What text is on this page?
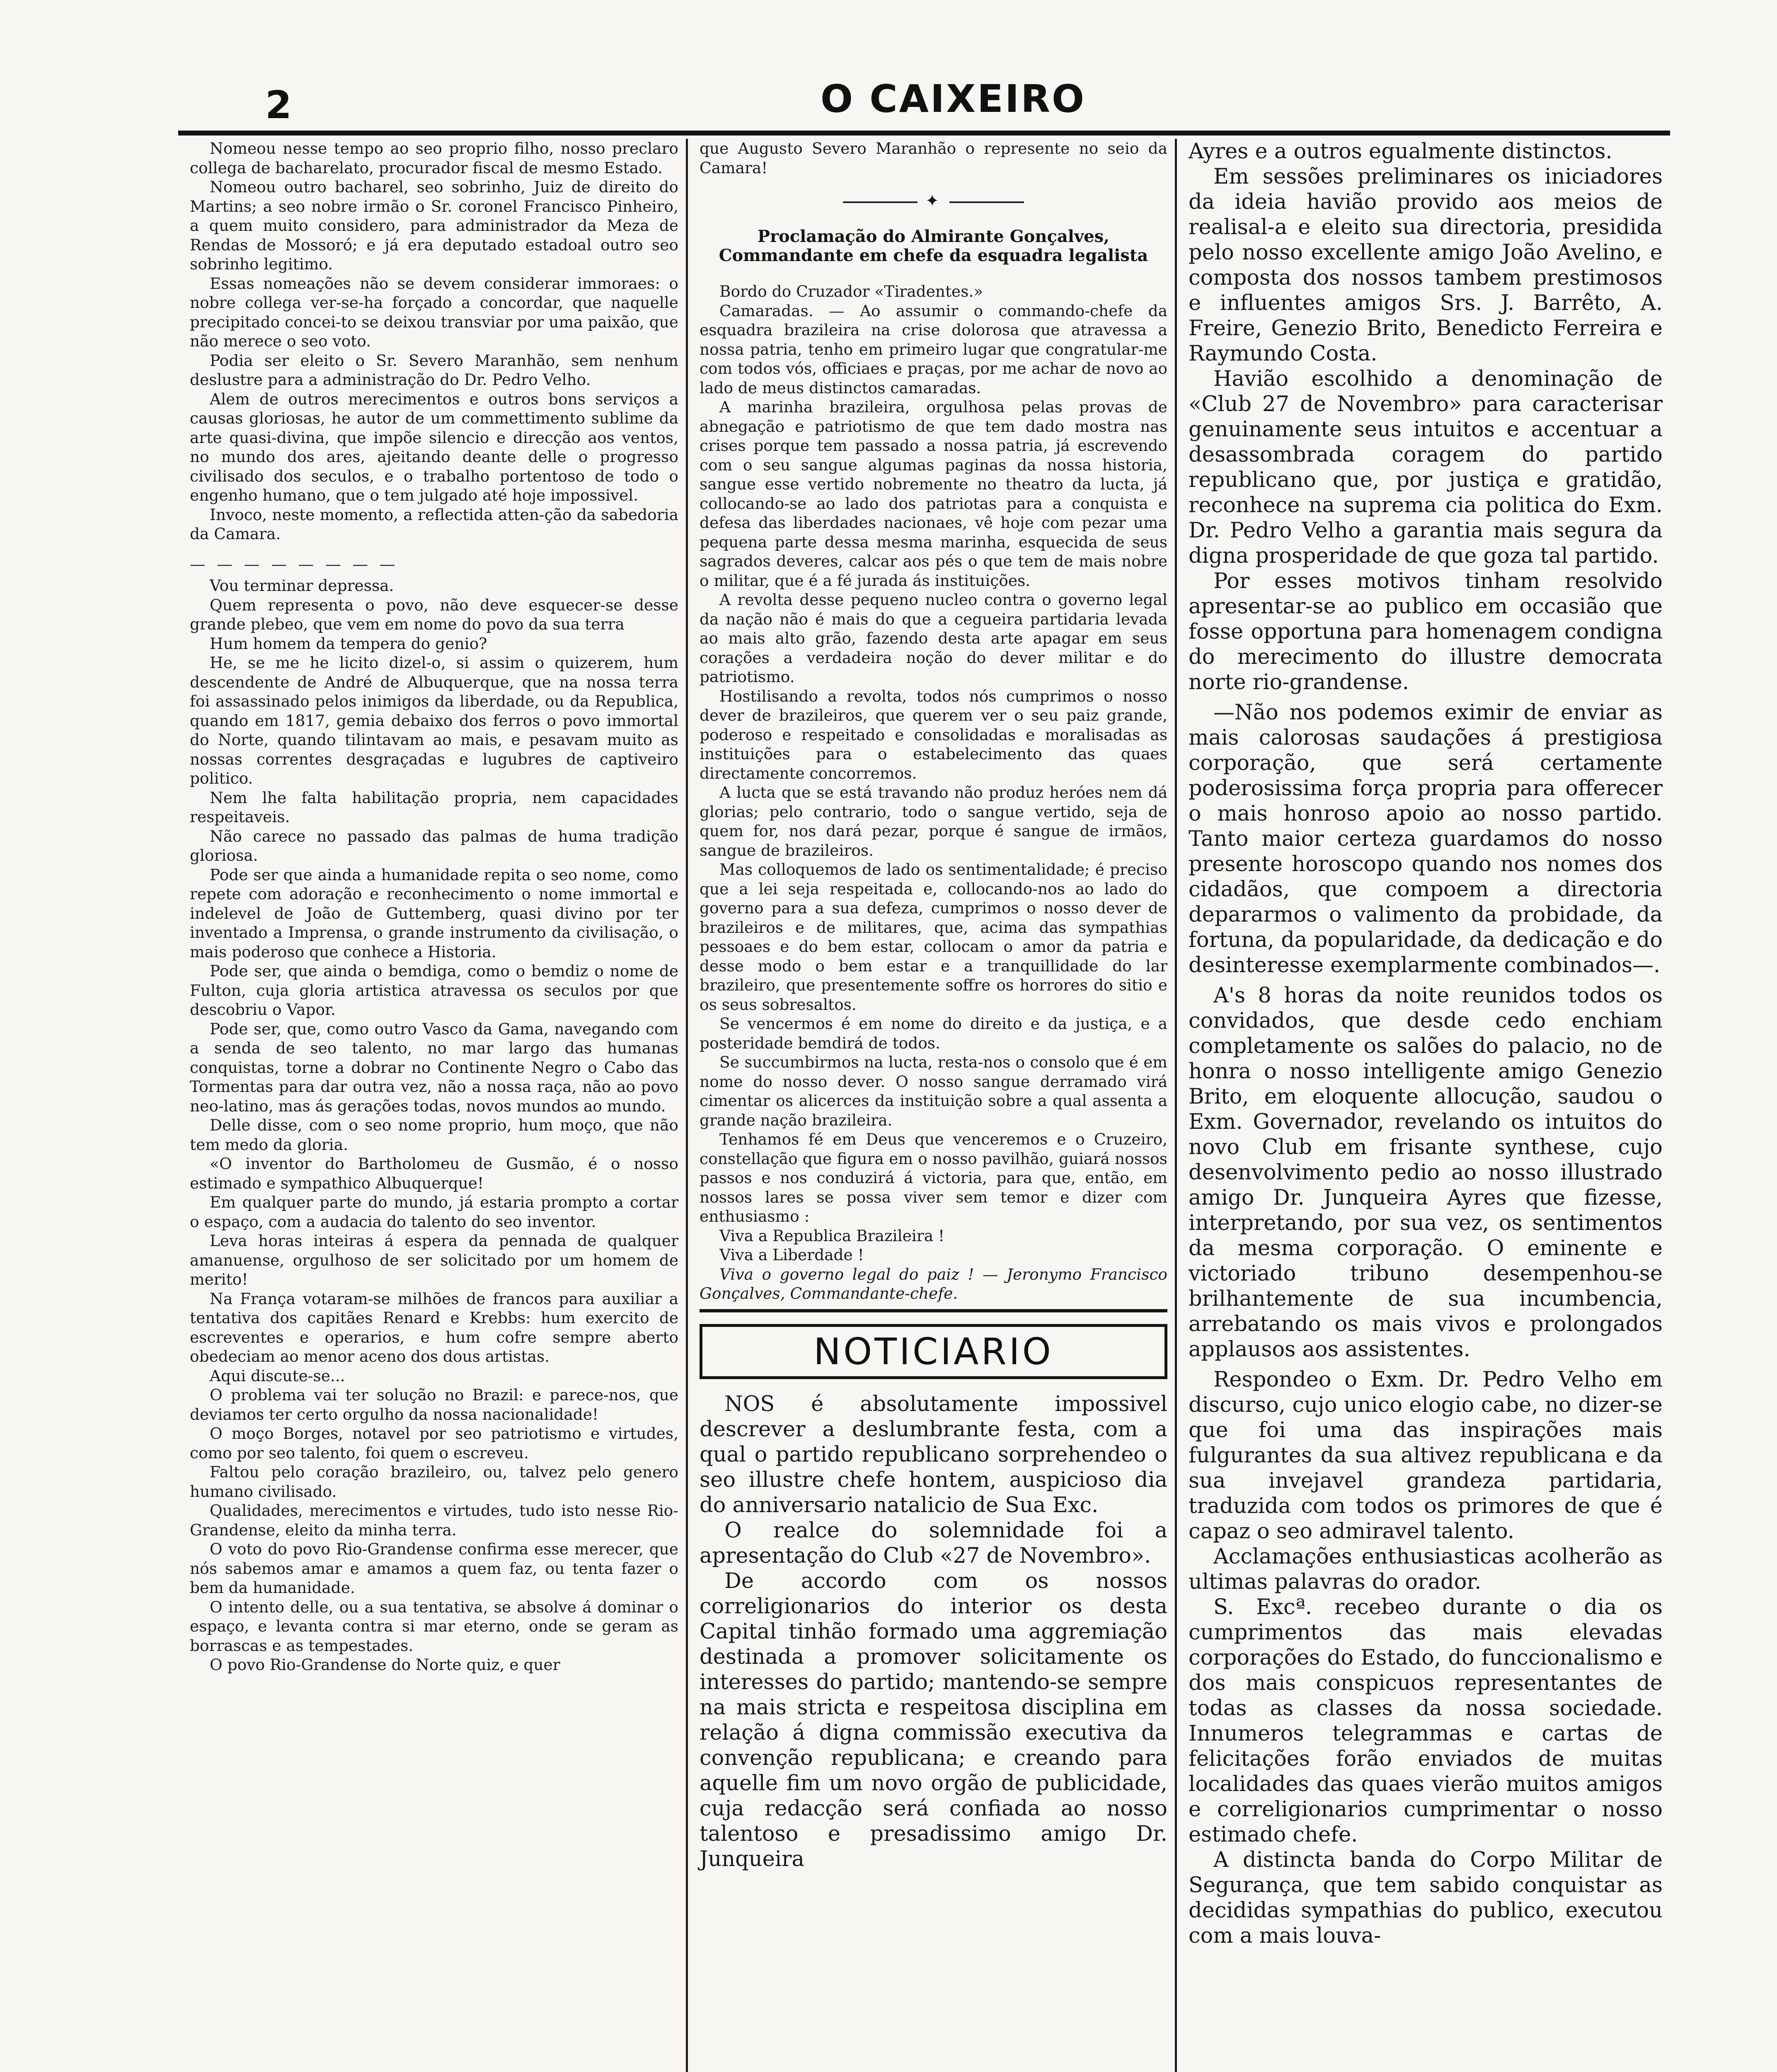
2	O CAIXEIRO

Nomeou nesse tempo ao seo proprio filho, nosso preclaro collega de bacharelato, procurador fiscal de mesmo Estado.

Nomeou outro bacharel, seo sobrinho, Juiz de direito do Martins; a seo nobre irmão o Sr. coronel Francisco Pinheiro, a quem muito considero, para administrador da Meza de Rendas de Mossoró; e já era deputado estadoal outro seo sobrinho legitimo.

Essas nomeações não se devem considerar immoraes: o nobre collega ver-se-ha forçado a concordar, que naquelle precipitado concei-to se deixou transviar por uma paixão, que não merece o seo voto.

Podia ser eleito o Sr. Severo Maranhão, sem nenhum deslustre para a administração do Dr. Pedro Velho.

Alem de outros merecimentos e outros bons serviços a causas gloriosas, he autor de um commettimento sublime da arte quasi-divina, que impõe silencio e direcção aos ventos, no mundo dos ares, ajeitando deante delle o progresso civilisado dos seculos, e o trabalho portentoso de todo o engenho humano, que o tem julgado até hoje impossivel.

Invoco, neste momento, a reflectida atten-ção da sabedoria da Camara.

— — — — — — — —

Vou terminar depressa.

Quem representa o povo, não deve esquecer-se desse grande plebeo, que vem em nome do povo da sua terra

Hum homem da tempera do genio?

He, se me he licito dizel-o, si assim o quizerem, hum descendente de André de Albuquerque, que na nossa terra foi assassinado pelos inimigos da liberdade, ou da Republica, quando em 1817, gemia debaixo dos ferros o povo immortal do Norte, quando tilintavam ao mais, e pesavam muito as nossas correntes desgraçadas e lugubres de captiveiro politico.

Nem lhe falta habilitação propria, nem capacidades respeitaveis.

Não carece no passado das palmas de huma tradição gloriosa.

Pode ser que ainda a humanidade repita o seo nome, como repete com adoração e reconhecimento o nome immortal e indelevel de João de Guttemberg, quasi divino por ter inventado a Imprensa, o grande instrumento da civilisação, o mais poderoso que conhece a Historia.

Pode ser, que ainda o bemdiga, como o bemdiz o nome de Fulton, cuja gloria artistica atravessa os seculos por que descobriu o Vapor.

Pode ser, que, como outro Vasco da Gama, navegando com a senda de seo talento, no mar largo das humanas conquistas, torne a dobrar no Continente Negro o Cabo das Tormentas para dar outra vez, não a nossa raça, não ao povo neo-latino, mas ás gerações todas, novos mundos ao mundo.

Delle disse, com o seo nome proprio, hum moço, que não tem medo da gloria.

«O inventor do Bartholomeu de Gusmão, é o nosso estimado e sympathico Albuquerque!

Em qualquer parte do mundo, já estaria prompto a cortar o espaço, com a audacia do talento do seo inventor.

Leva horas inteiras á espera da pennada de qualquer amanuense, orgulhoso de ser solicitado por um homem de merito!

Na França votaram-se milhões de francos para auxiliar a tentativa dos capitães Renard e Krebbs: hum exercito de escreventes e operarios, e hum cofre sempre aberto obedeciam ao menor aceno dos dous artistas.

Aqui discute-se...

O problema vai ter solução no Brazil: e parece-nos, que deviamos ter certo orgulho da nossa nacionalidade!

O moço Borges, notavel por seo patriotismo e virtudes, como por seo talento, foi quem o escreveu.

Faltou pelo coração brazileiro, ou, talvez pelo genero humano civilisado.

Qualidades, merecimentos e virtudes, tudo isto nesse Rio-Grandense, eleito da minha terra.

O voto do povo Rio-Grandense confirma esse merecer, que nós sabemos amar e amamos a quem faz, ou tenta fazer o bem da humanidade.

O intento delle, ou a sua tentativa, se absolve á dominar o espaço, e levanta contra si mar eterno, onde se geram as borrascas e as tempestades.

O povo Rio-Grandense do Norte quiz, e quer

que Augusto Severo Maranhão o represente no seio da Camara!

✦
Proclamação do Almirante Gonçalves, Commandante em chefe da esquadra legalista

Bordo do Cruzador «Tiradentes.»

Camaradas. — Ao assumir o commando-chefe da esquadra brazileira na crise dolorosa que atravessa a nossa patria, tenho em primeiro lugar que congratular-me com todos vós, officiaes e praças, por me achar de novo ao lado de meus distinctos camaradas.

A marinha brazileira, orgulhosa pelas provas de abnegação e patriotismo de que tem dado mostra nas crises porque tem passado a nossa patria, já escrevendo com o seu sangue algumas paginas da nossa historia, sangue esse vertido nobremente no theatro da lucta, já collocando-se ao lado dos patriotas para a conquista e defesa das liberdades nacionaes, vê hoje com pezar uma pequena parte dessa mesma marinha, esquecida de seus sagrados deveres, calcar aos pés o que tem de mais nobre o militar, que é a fé jurada ás instituições.

A revolta desse pequeno nucleo contra o governo legal da nação não é mais do que a cegueira partidaria levada ao mais alto grão, fazendo desta arte apagar em seus corações a verdadeira noção do dever militar e do patriotismo.

Hostilisando a revolta, todos nós cumprimos o nosso dever de brazileiros, que querem ver o seu paiz grande, poderoso e respeitado e consolidadas e moralisadas as instituições para o estabelecimento das quaes directamente concorremos.

A lucta que se está travando não produz heróes nem dá glorias; pelo contrario, todo o sangue vertido, seja de quem for, nos dará pezar, porque é sangue de irmãos, sangue de brazileiros.

Mas colloquemos de lado os sentimentalidade; é preciso que a lei seja respeitada e, collocando-nos ao lado do governo para a sua defeza, cumprimos o nosso dever de brazileiros e de militares, que, acima das sympathias pessoaes e do bem estar, collocam o amor da patria e desse modo o bem estar e a tranquillidade do lar brazileiro, que presentemente soffre os horrores do sitio e os seus sobresaltos.

Se vencermos é em nome do direito e da justiça, e a posteridade bemdirá de todos.

Se succumbirmos na lucta, resta-nos o consolo que é em nome do nosso dever. O nosso sangue derramado virá cimentar os alicerces da instituição sobre a qual assenta a grande nação brazileira.

Tenhamos fé em Deus que venceremos e o Cruzeiro, constellação que figura em o nosso pavilhão, guiará nossos passos e nos conduzirá á victoria, para que, então, em nossos lares se possa viver sem temor e dizer com enthusiasmo :

Viva a Republica Brazileira !

Viva a Liberdade !

Viva o governo legal do paiz ! — Jeronymo Francisco Gonçalves, Commandante-chefe.

NOTICIARIO

NOS é absolutamente impossivel descrever a deslumbrante festa, com a qual o partido republicano sorprehendeo o seo illustre chefe hontem, auspicioso dia do anniversario natalicio de Sua Exc.

O realce do solemnidade foi a apresentação do Club «27 de Novembro».

De accordo com os nossos correligionarios do interior os desta Capital tinhão formado uma aggremiação destinada a promover solicitamente os interesses do partido; mantendo-se sempre na mais stricta e respeitosa disciplina em relação á digna commissão executiva da convenção republicana; e creando para aquelle fim um novo orgão de publicidade, cuja redacção será confiada ao nosso talentoso e presadissimo amigo Dr. Junqueira

Ayres e a outros egualmente distinctos.

Em sessões preliminares os iniciadores da ideia havião provido aos meios de realisal-a e eleito sua directoria, presidida pelo nosso excellente amigo João Avelino, e composta dos nossos tambem prestimosos e influentes amigos Srs. J. Barrêto, A. Freire, Genezio Brito, Benedicto Ferreira e Raymundo Costa.

Havião escolhido a denominação de «Club 27 de Novembro» para caracterisar genuinamente seus intuitos e accentuar a desassombrada coragem do partido republicano que, por justiça e gratidão, reconhece na suprema cia politica do Exm. Dr. Pedro Velho a garantia mais segura da digna prosperidade de que goza tal partido.

Por esses motivos tinham resolvido apresentar-se ao publico em occasião que fosse opportuna para homenagem condigna do merecimento do illustre democrata norte rio-grandense.

—Não nos podemos eximir de enviar as mais calorosas saudações á prestigiosa corporação, que será certamente poderosissima força propria para offerecer o mais honroso apoio ao nosso partido. Tanto maior certeza guardamos do nosso presente horoscopo quando nos nomes dos cidadãos, que compoem a directoria depararmos o valimento da probidade, da fortuna, da popularidade, da dedicação e do desinteresse exemplarmente combinados—.

A's 8 horas da noite reunidos todos os convidados, que desde cedo enchiam completamente os salões do palacio, no de honra o nosso intelligente amigo Genezio Brito, em eloquente allocução, saudou o Exm. Governador, revelando os intuitos do novo Club em frisante synthese, cujo desenvolvimento pedio ao nosso illustrado amigo Dr. Junqueira Ayres que fizesse, interpretando, por sua vez, os sentimentos da mesma corporação. O eminente e victoriado tribuno desempenhou-se brilhantemente de sua incumbencia, arrebatando os mais vivos e prolongados applausos aos assistentes.

Respondeo o Exm. Dr. Pedro Velho em discurso, cujo unico elogio cabe, no dizer-se que foi uma das inspirações mais fulgurantes da sua altivez republicana e da sua invejavel grandeza partidaria, traduzida com todos os primores de que é capaz o seo admiravel talento.

Acclamações enthusiasticas acolherão as ultimas palavras do orador.

S. Excª. recebeo durante o dia os cumprimentos das mais elevadas corporações do Estado, do funccionalismo e dos mais conspicuos representantes de todas as classes da nossa sociedade. Innumeros telegrammas e cartas de felicitações forão enviados de muitas localidades das quaes vierão muitos amigos e correligionarios cumprimentar o nosso estimado chefe.

A distincta banda do Corpo Militar de Segurança, que tem sabido conquistar as decididas sympathias do publico, executou com a mais louva-
